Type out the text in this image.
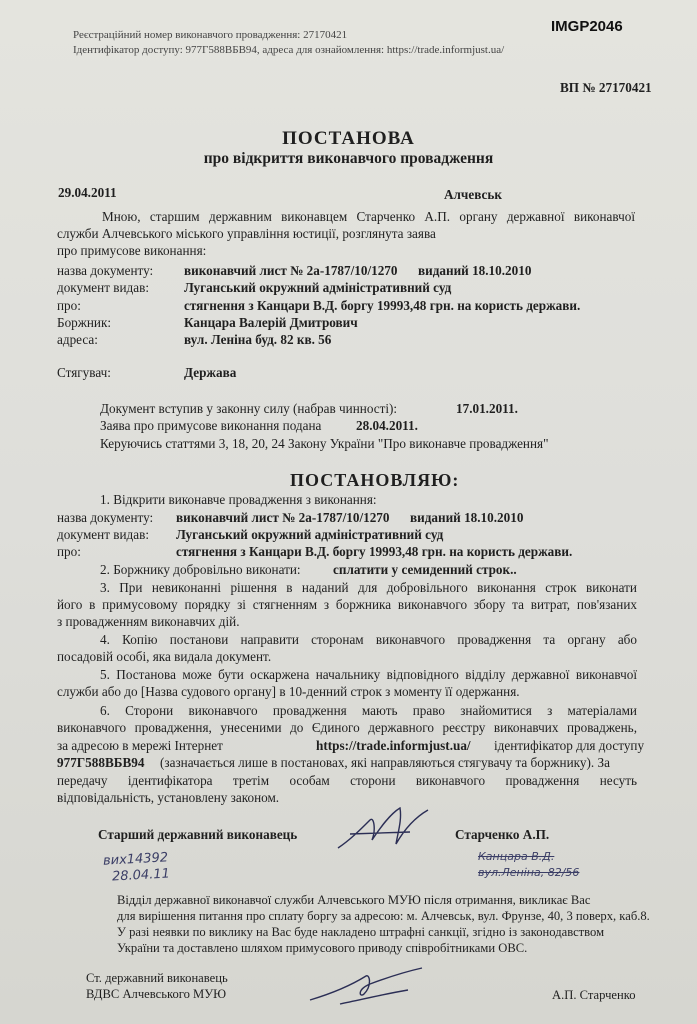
Реєстраційний номер виконавчого провадження: 27170421
Ідентифікатор доступу: 977Г588ВБВ94, адреса для ознайомлення: https://trade.informjust.ua/
IMGP2046
ВП № 27170421
ПОСТАНОВА
про відкриття виконавчого провадження
29.04.2011	Алчевськ
Мною, старшим державним виконавцем Старченко А.П. органу державної виконавчої
служби Алчевського міського управління юстиції, розглянута заява
про примусове виконання:
назва документу: виконавчий лист № 2а-1787/10/1270 виданий 18.10.2010
документ видав:	Луганський окружний адміністративний суд
про:	стягнення з Канцари В.Д. боргу 19993,48 грн. на користь держави.
Боржник:	Канцара Валерій Дмитрович
адреса:	вул. Леніна буд. 82 кв. 56
Стягувач:	Держава
Документ вступив у законну силу (набрав чинності):	17.01.2011.
Заява про примусове виконання подана	28.04.2011.
Керуючись статтями 3, 18, 20, 24 Закону України "Про виконавче провадження"
ПОСТАНОВЛЯЮ:
1. Відкрити виконавче провадження з виконання:
назва документу: виконавчий лист № 2а-1787/10/1270 виданий 18.10.2010
документ видав: Луганський окружний адміністративний суд
про:	стягнення з Канцари В.Д. боргу 19993,48 грн. на користь держави.
2. Боржнику добровільно виконати: сплатити у семиденний строк..
3. При невиконанні рішення в наданий для добровільного виконання строк виконати
його в примусовому порядку зі стягненням з боржника виконавчого збору та витрат, пов'язаних
з провадженням виконавчих дій.
4. Копію постанови направити сторонам виконавчого провадження та органу або
посадовій особі, яка видала документ.
5. Постанова може бути оскаржена начальнику відповідного відділу державної виконавчої
служби або до [Назва судового органу] в 10-денний строк з моменту її одержання.
6. Сторони виконавчого провадження мають право знайомитися з матеріалами
виконавчого провадження, унесеними до Єдиного державного реєстру виконавчих проваджень,
за адресою в мережі Інтернет	https://trade.informjust.ua/ ідентифікатор для доступу
977Г588ВБВ94 (зазначається лише в постановах, які направляються стягувачу та боржнику). За
передачу ідентифікатора третім особам сторони виконавчого провадження несуть
відповідальність, установлену законом.
Старший державний виконавець	Старченко А.П.
вих14392
28.04.11
Канцара В.Д.
вул.Леніна, 82/56
Відділ державної виконавчої служби Алчевського МУЮ після отримання, викликає Вас
для вирішення питання про сплату боргу за адресою: м. Алчевськ, вул. Фрунзе, 40, 3 поверх, каб.8.
У разі неявки по виклику на Вас буде накладено штрафні санкції, згідно із законодавством
України та доставлено шляхом примусового приводу співробітниками ОВС.
Ст. державний виконавець
ВДВС Алчевського МУЮ	А.П. Старченко
